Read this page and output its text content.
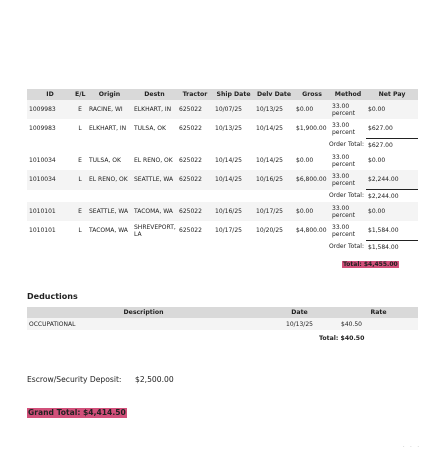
ID	E/L	Origin	Destn	Tractor	Ship Date	Delv Date	Gross	Method	Net Pay
1009983	E	RACINE, WI	ELKHART, IN	625022	10/07/25	10/13/25	$0.00	33.00 percent	$0.00
1009983	L	ELKHART, IN	TULSA, OK	625022	10/13/25	10/14/25	$1,900.00	33.00 percent	$627.00
Order Total:									$627.00
1010034	E	TULSA, OK	EL RENO, OK	625022	10/14/25	10/14/25	$0.00	33.00 percent	$0.00
1010034	L	EL RENO, OK	SEATTLE, WA	625022	10/14/25	10/16/25	$6,800.00	33.00 percent	$2,244.00
Order Total:									$2,244.00
1010101	E	SEATTLE, WA	TACOMA, WA	625022	10/16/25	10/17/25	$0.00	33.00 percent	$0.00
1010101	L	TACOMA, WA	SHREVEPORT, LA	625022	10/17/25	10/20/25	$4,800.00	33.00 percent	$1,584.00
Order Total:									$1,584.00
Total: $4,455.00
Deductions
Description	Date	Rate
OCCUPATIONAL	10/13/25	$40.50
Total: $40.50
Escrow/Security Deposit: $2,500.00
Grand Total: $4,414.50
· · ·
